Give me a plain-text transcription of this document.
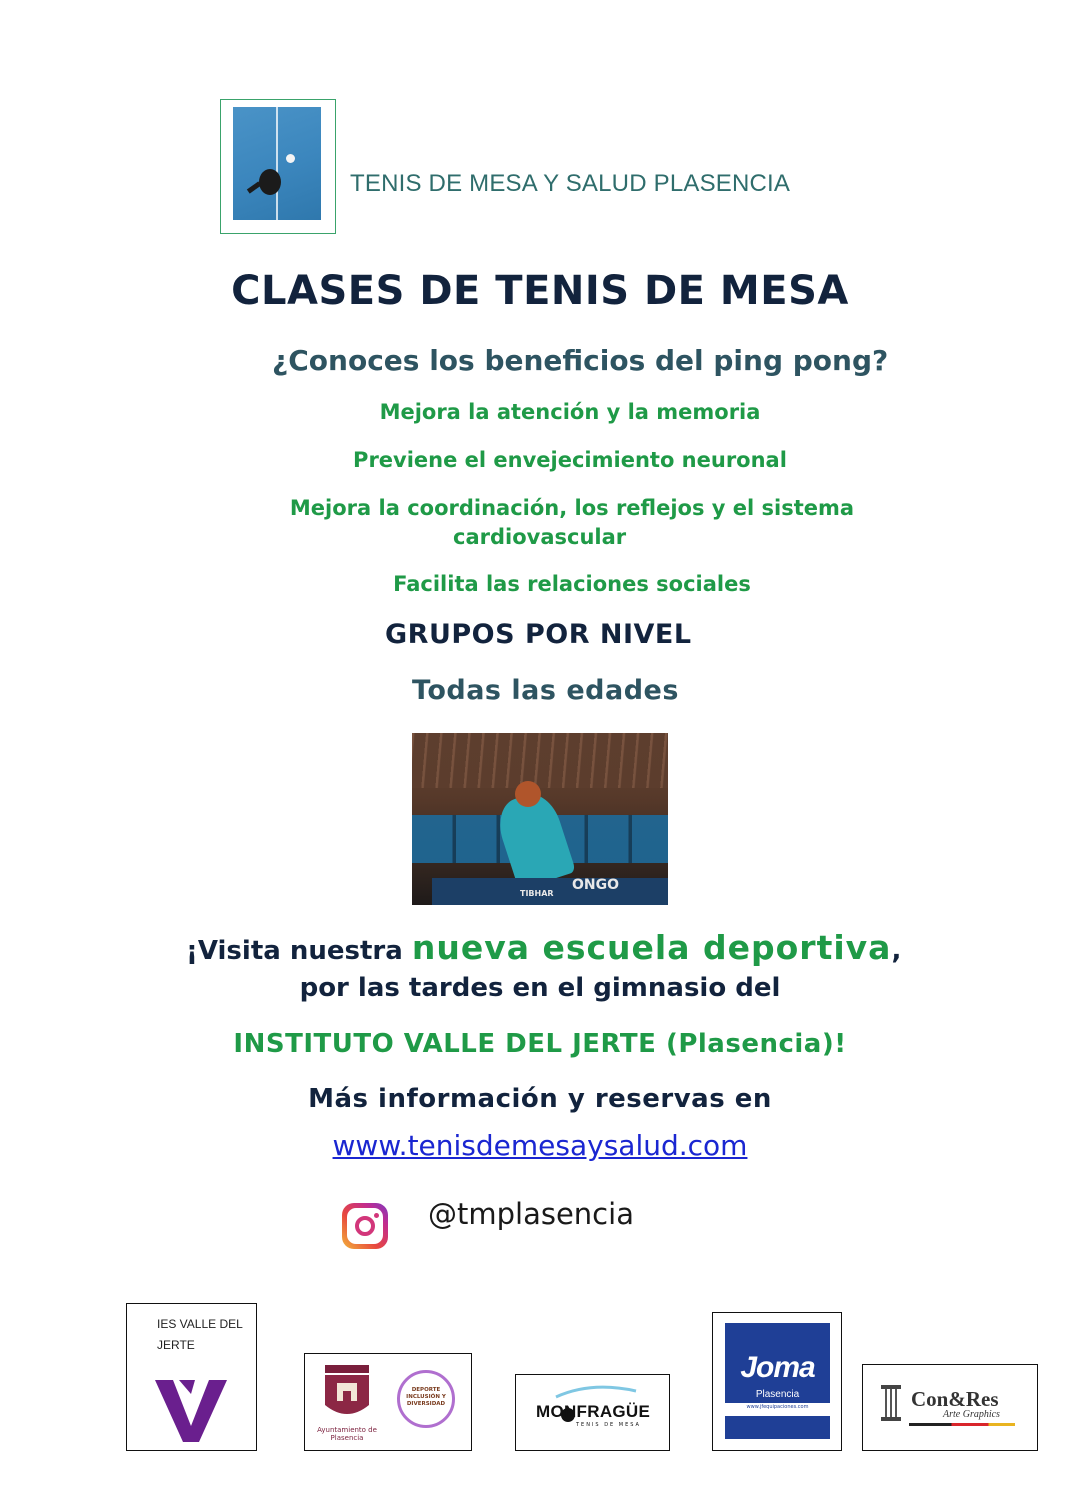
TENIS DE MESA Y SALUD PLASENCIA
CLASES DE TENIS DE MESA
¿Conoces los beneficios del ping pong?
Mejora la atención y la memoria
Previene el envejecimiento neuronal
Mejora la coordinación, los reflejos y el sistema
cardiovascular
Facilita las relaciones sociales
GRUPOS POR NIVEL
Todas las edades
ONGO
TIBHAR
¡Visita nuestra nueva escuela deportiva,
por las tardes en el gimnasio del
INSTITUTO VALLE DEL JERTE (Plasencia)!
Más información y reservas en
www.tenisdemesaysalud.com
@tmplasencia
IES VALLE DEL JERTE
Ayuntamiento de Plasencia
DEPORTE INCLUSIÓN Y DIVERSIDAD	MONFRAGÜE
TENIS DE MESA
Joma
Plasencia
www.jfequipaciones.com	Con&Res
Arte Graphics
